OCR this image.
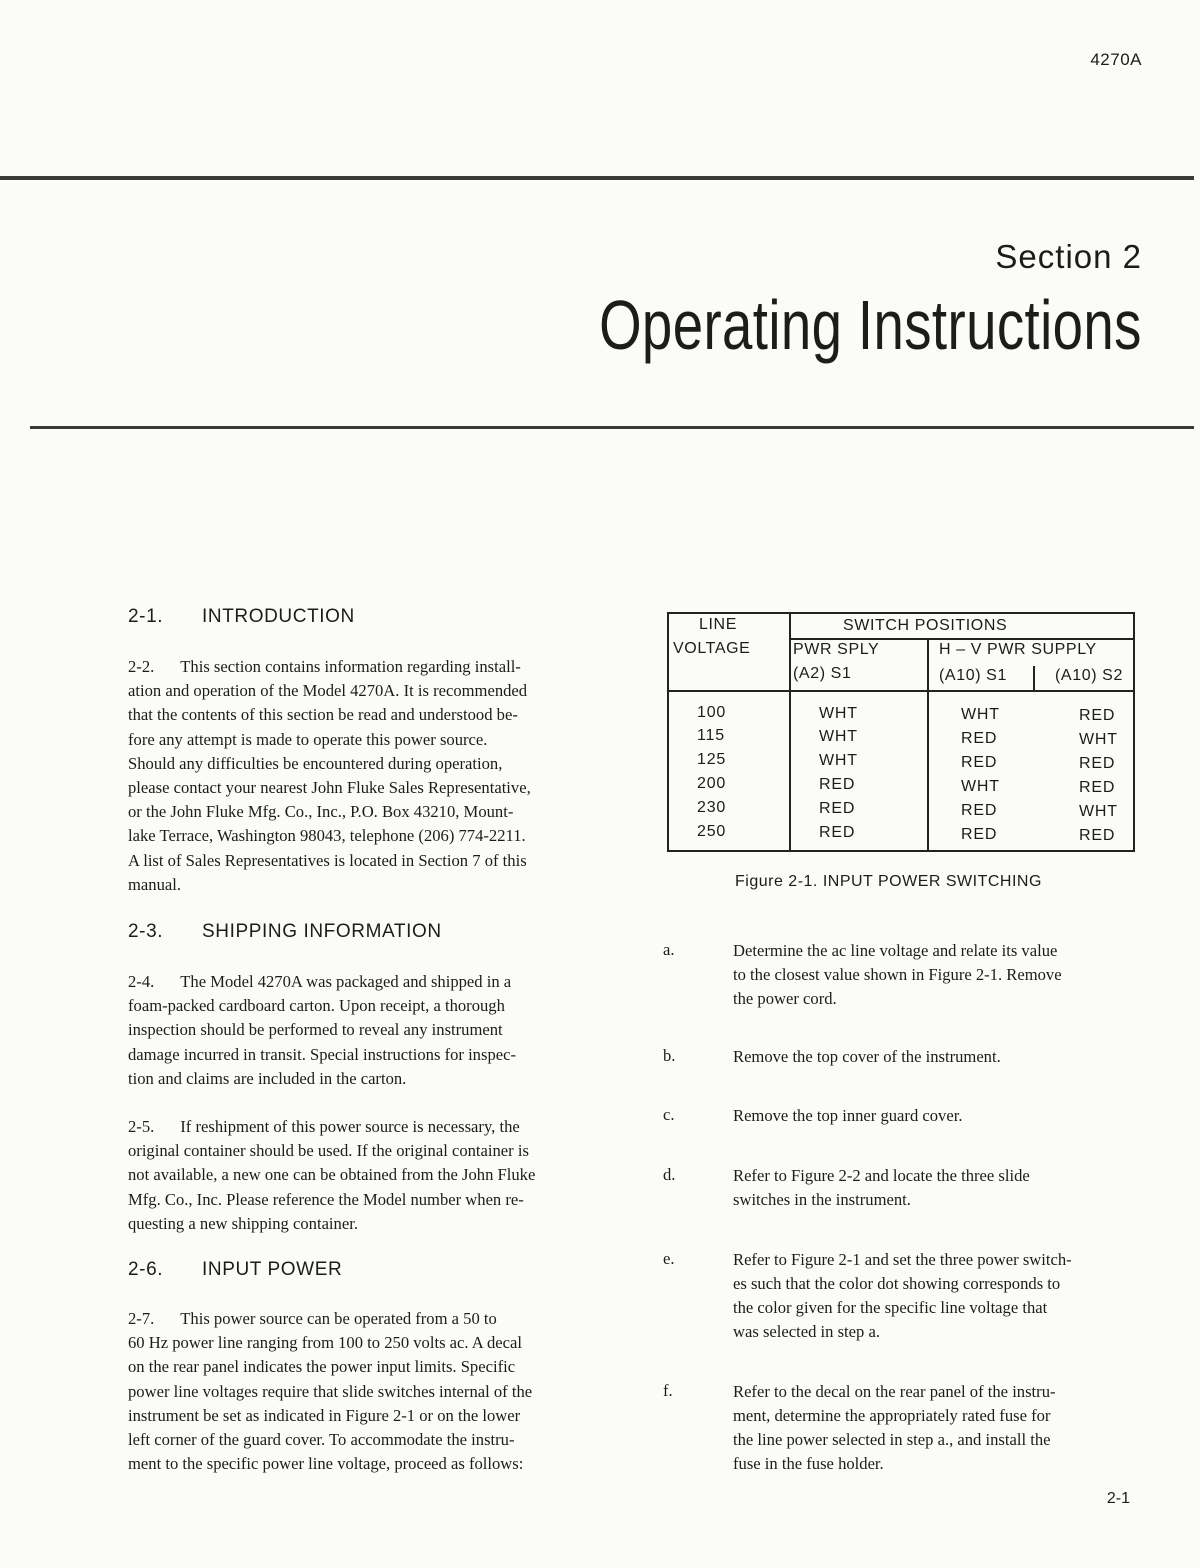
4270A
Section 2
Operating Instructions
2-1. INTRODUCTION
2-2. This section contains information regarding install-
ation and operation of the Model 4270A. It is recommended
that the contents of this section be read and understood be-
fore any attempt is made to operate this power source.
Should any difficulties be encountered during operation,
please contact your nearest John Fluke Sales Representative,
or the John Fluke Mfg. Co., Inc., P.O. Box 43210, Mount-
lake Terrace, Washington 98043, telephone (206) 774-2211.
A list of Sales Representatives is located in Section 7 of this
manual.
2-3. SHIPPING INFORMATION
2-4. The Model 4270A was packaged and shipped in a
foam-packed cardboard carton. Upon receipt, a thorough
inspection should be performed to reveal any instrument
damage incurred in transit. Special instructions for inspec-
tion and claims are included in the carton.
2-5. If reshipment of this power source is necessary, the
original container should be used. If the original container is
not available, a new one can be obtained from the John Fluke
Mfg. Co., Inc. Please reference the Model number when re-
questing a new shipping container.
2-6. INPUT POWER
2-7. This power source can be operated from a 50 to
60 Hz power line ranging from 100 to 250 volts ac. A decal
on the rear panel indicates the power input limits. Specific
power line voltages require that slide switches internal of the
instrument be set as indicated in Figure 2-1 or on the lower
left corner of the guard cover. To accommodate the instru-
ment to the specific power line voltage, proceed as follows:
LINE
VOLTAGE
SWITCH POSITIONS
PWR SPLY
(A2) S1
H – V PWR SUPPLY
(A10) S1	(A10) S2
100	WHT	WHT	RED
115	WHT	RED	WHT
125	WHT	RED	RED
200	RED	WHT	RED
230	RED	RED	WHT
250	RED	RED	RED
Figure 2-1. INPUT POWER SWITCHING
a.	Determine the ac line voltage and relate its value
to the closest value shown in Figure 2-1. Remove
the power cord.
b.	Remove the top cover of the instrument.
c.	Remove the top inner guard cover.
d.	Refer to Figure 2-2 and locate the three slide
switches in the instrument.
e.	Refer to Figure 2-1 and set the three power switch-
es such that the color dot showing corresponds to
the color given for the specific line voltage that
was selected in step a.
f.	Refer to the decal on the rear panel of the instru-
ment, determine the appropriately rated fuse for
the line power selected in step a., and install the
fuse in the fuse holder.
2-1
